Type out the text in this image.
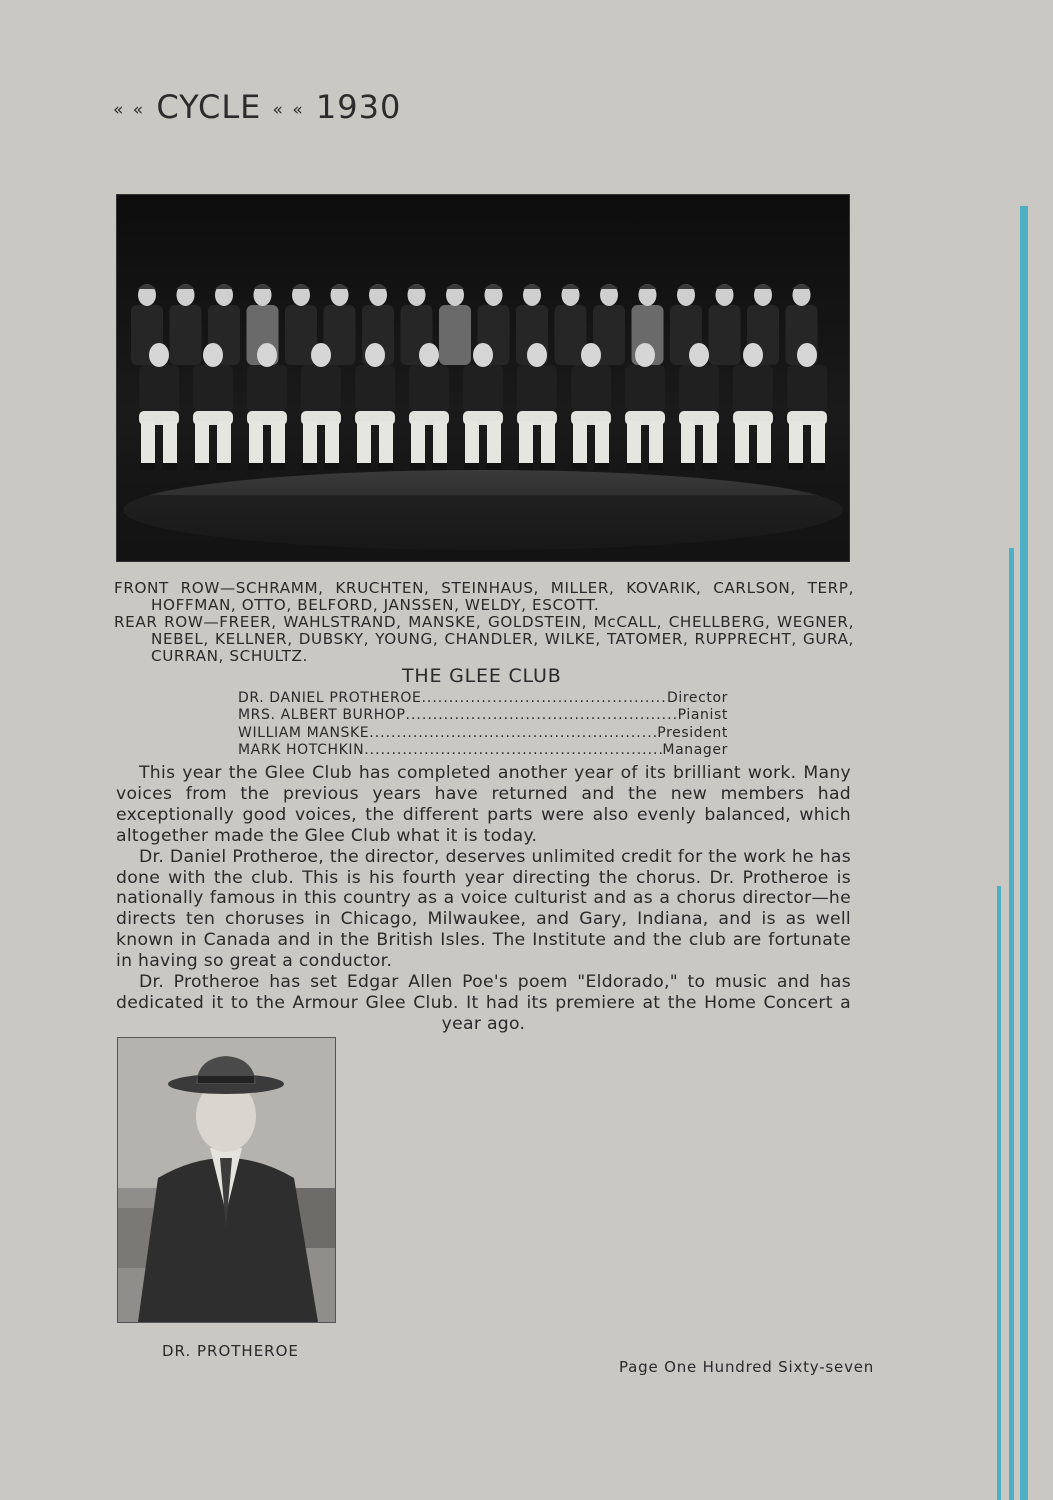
« « CYCLE « « 1930

FRONT ROW—SCHRAMM, KRUCHTEN, STEINHAUS, MILLER, KOVARIK, CARLSON, TERP, HOFFMAN, OTTO, BELFORD, JANSSEN, WELDY, ESCOTT.

REAR ROW—FREER, WAHLSTRAND, MANSKE, GOLDSTEIN, McCALL, CHELLBERG, WEGNER, NEBEL, KELLNER, DUBSKY, YOUNG, CHANDLER, WILKE, TATOMER, RUPPRECHT, GURA, CURRAN, SCHULTZ.

THE GLEE CLUB
DR. DANIEL PROTHEROE .....	Director
MRS. ALBERT BURHOP .....	Pianist
WILLIAM MANSKE .....	President
MARK HOTCHKIN .....	Manager

This year the Glee Club has completed another year of its brilliant work. Many voices from the previous years have returned and the new members had exceptionally good voices, the different parts were also evenly balanced, which altogether made the Glee Club what it is today.

Dr. Daniel Protheroe, the director, deserves unlimited credit for the work he has done with the club. This is his fourth year directing the chorus. Dr. Protheroe is nationally famous in this country as a voice culturist and as a chorus director—he directs ten choruses in Chicago, Milwaukee, and Gary, Indiana, and is as well known in Canada and in the British Isles. The Institute and the club are fortunate in having so great a conductor.

Dr. Protheroe has set Edgar Allen Poe's poem "Eldorado," to music and has dedicated it to the Armour Glee Club. It had its premiere at the Home Concert a year ago.

DR. PROTHEROE
Page One Hundred Sixty-seven
